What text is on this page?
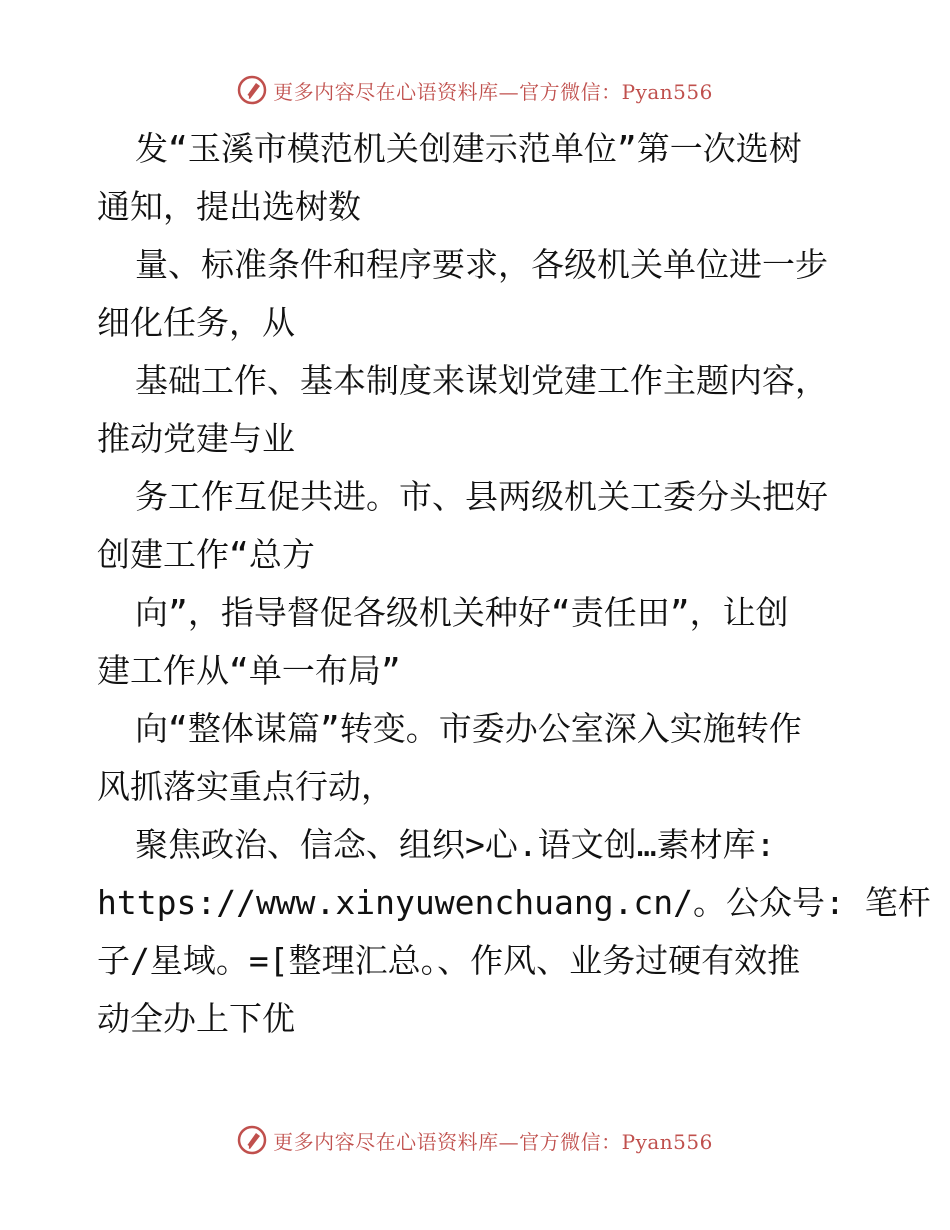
更多内容尽在心语资料库—官方微信：Pyan556
发“玉溪市模范机关创建示范单位”第一次选树
通知，提出选树数
量、标准条件和程序要求，各级机关单位进一步
细化任务，从
基础工作、基本制度来谋划党建工作主题内容，
推动党建与业
务工作互促共进。市、县两级机关工委分头把好
创建工作“总方
向”，指导督促各级机关种好“责任田”，让创
建工作从“单一布局”
向“整体谋篇”转变。市委办公室深入实施转作
风抓落实重点行动，
聚焦政治、信念、组织>心.语文创…素材库:
https://www.xinyuwenchuang.cn/。公众号: 笔杆
子/星域。=[整理汇总。、作风、业务过硬有效推
动全办上下优
更多内容尽在心语资料库—官方微信：Pyan556
